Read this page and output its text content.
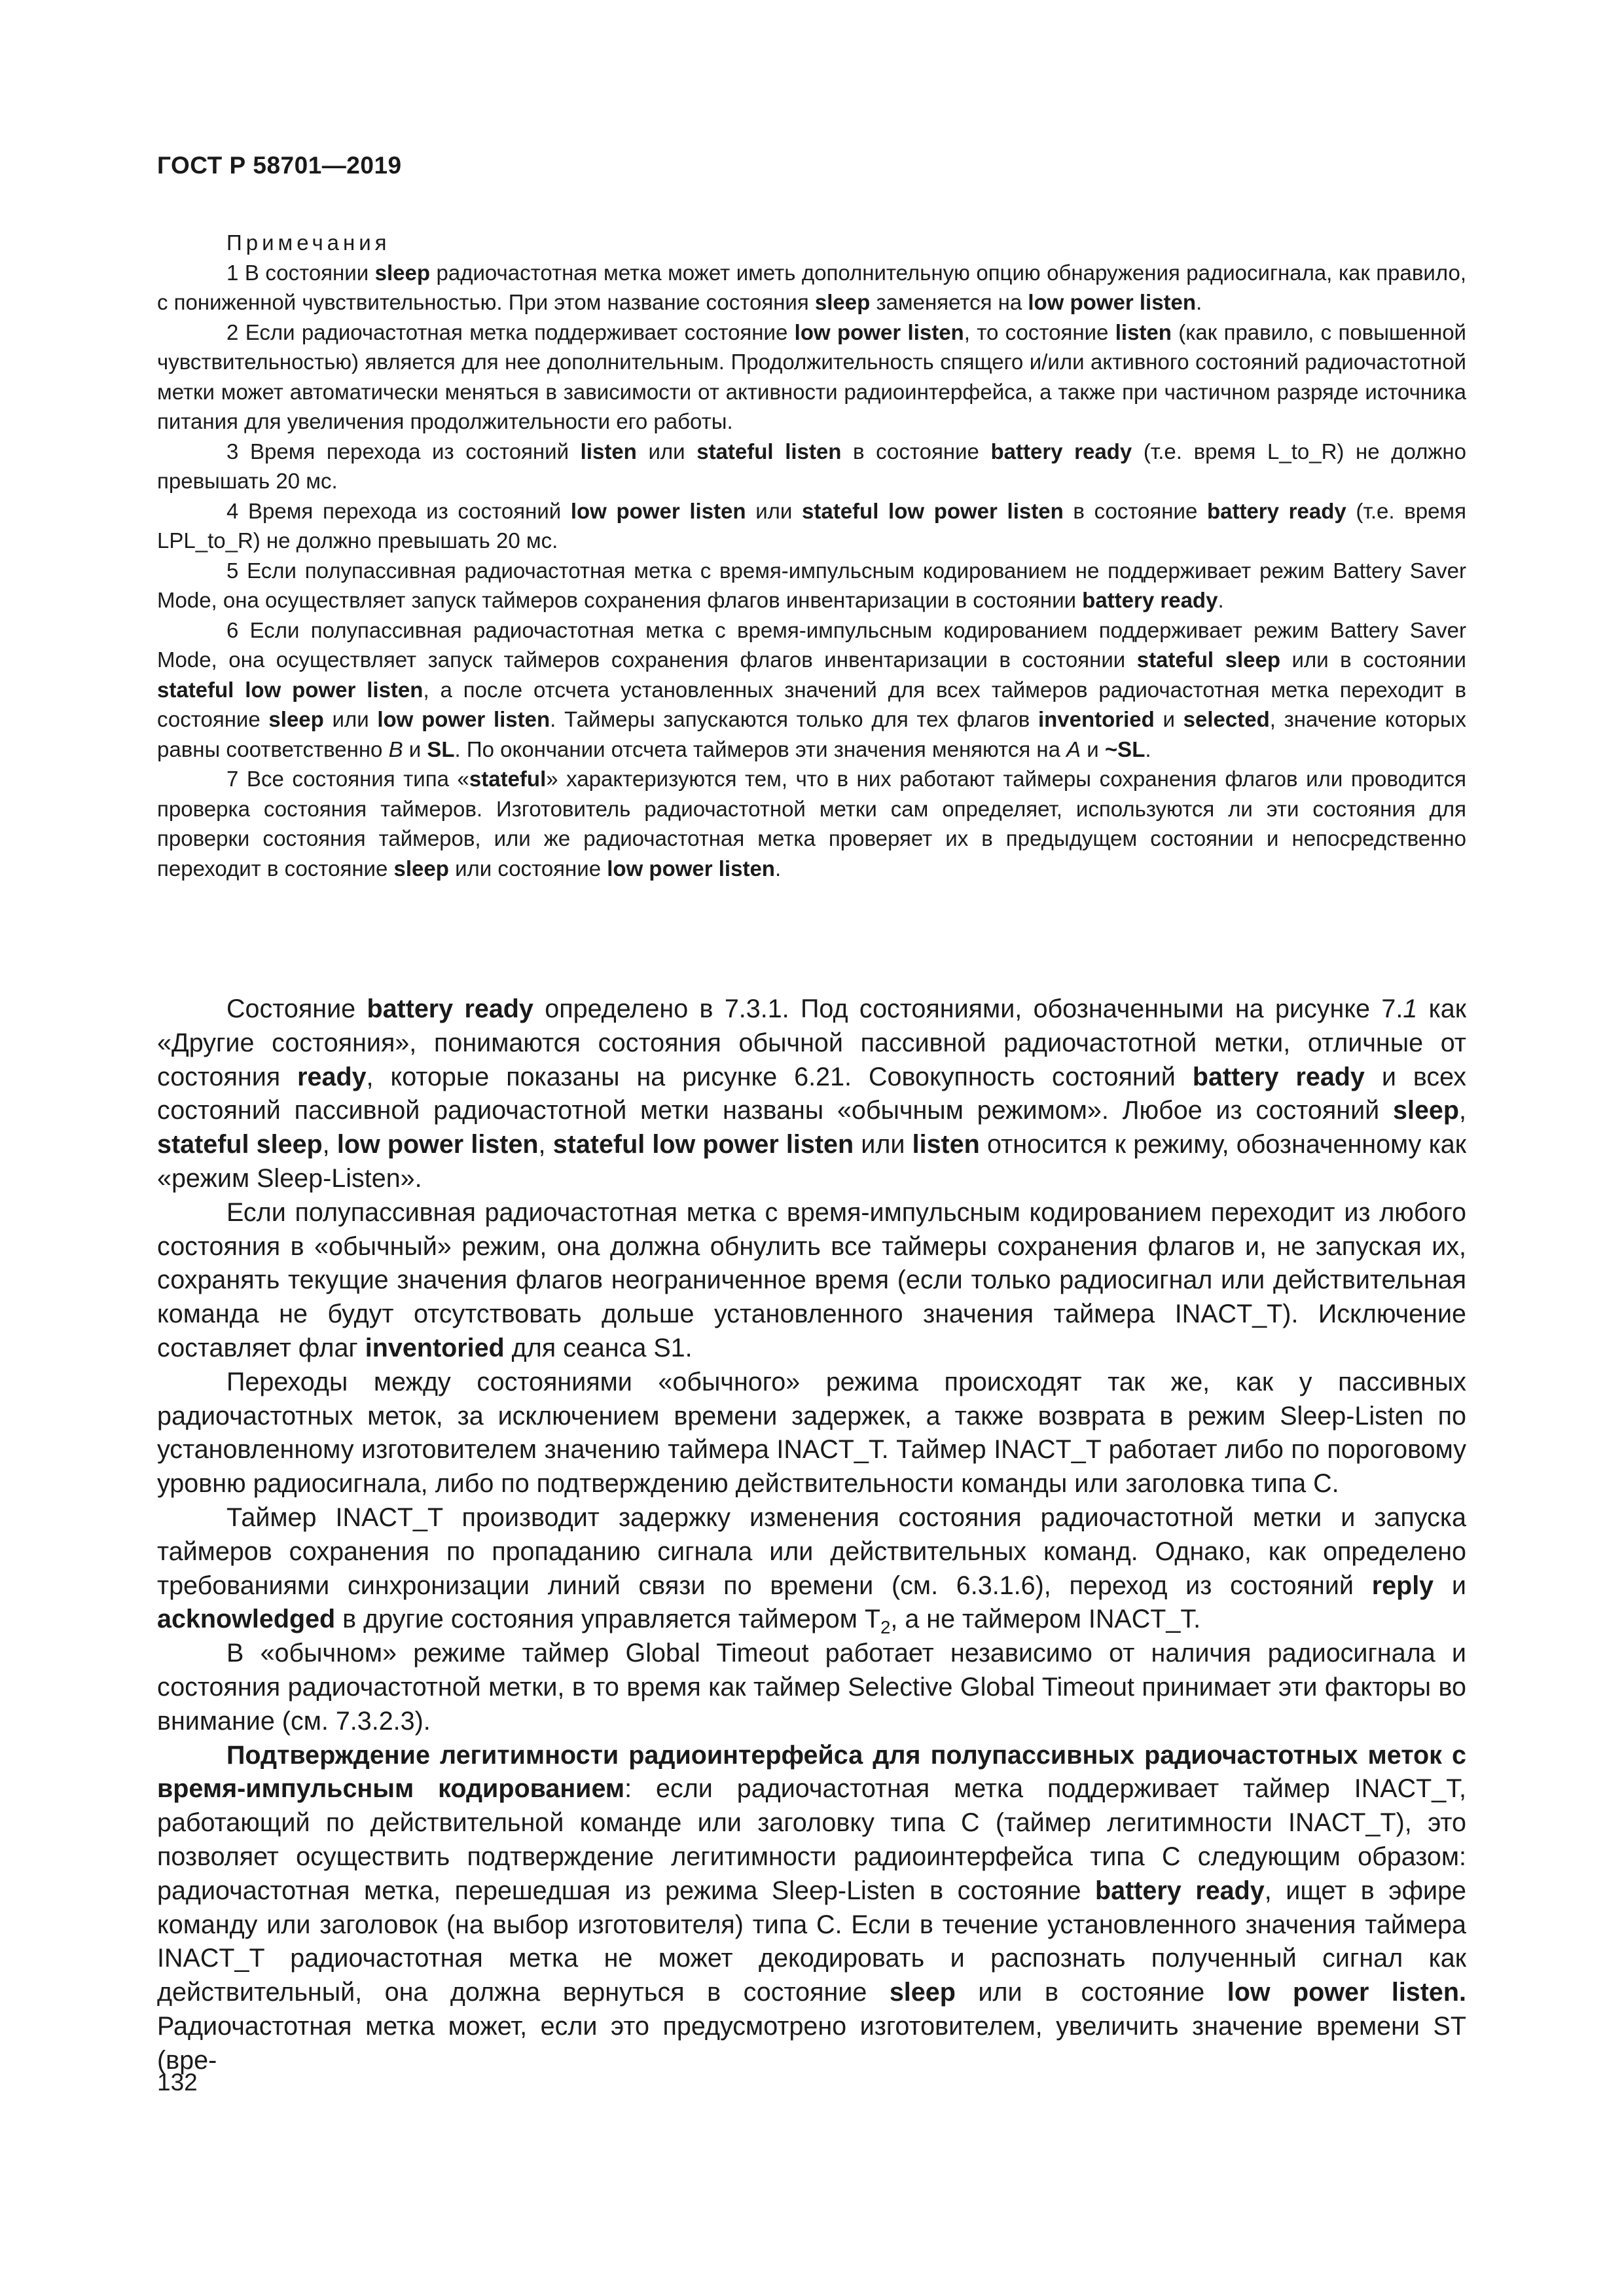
ГОСТ Р 58701—2019

Примечания

1 В состоянии sleep радиочастотная метка может иметь дополнительную опцию обнаружения радиосигнала, как правило, с пониженной чувствительностью. При этом название состояния sleep заменяется на low power listen.

2 Если радиочастотная метка поддерживает состояние low power listen, то состояние listen (как правило, с повышенной чувствительностью) является для нее дополнительным. Продолжительность спящего и/или активного состояний радиочастотной метки может автоматически меняться в зависимости от активности радиоинтерфейса, а также при частичном разряде источника питания для увеличения продолжительности его работы.

3 Время перехода из состояний listen или stateful listen в состояние battery ready (т.е. время L_to_R) не должно превышать 20 мс.

4 Время перехода из состояний low power listen или stateful low power listen в состояние battery ready (т.е. время LPL_to_R) не должно превышать 20 мс.

5 Если полупассивная радиочастотная метка с время-импульсным кодированием не поддерживает режим Battery Saver Mode, она осуществляет запуск таймеров сохранения флагов инвентаризации в состоянии battery ready.

6 Если полупассивная радиочастотная метка с время-импульсным кодированием поддерживает режим Battery Saver Mode, она осуществляет запуск таймеров сохранения флагов инвентаризации в состоянии stateful sleep или в состоянии stateful low power listen, а после отсчета установленных значений для всех таймеров радиочастотная метка переходит в состояние sleep или low power listen. Таймеры запускаются только для тех флагов inventoried и selected, значение которых равны соответственно B и SL. По окончании отсчета таймеров эти значения меняются на A и ~SL.

7 Все состояния типа «stateful» характеризуются тем, что в них работают таймеры сохранения флагов или проводится проверка состояния таймеров. Изготовитель радиочастотной метки сам определяет, используются ли эти состояния для проверки состояния таймеров, или же радиочастотная метка проверяет их в предыдущем состоянии и непосредственно переходит в состояние sleep или состояние low power listen.

Состояние battery ready определено в 7.3.1. Под состояниями, обозначенными на рисунке 7.1 как «Другие состояния», понимаются состояния обычной пассивной радиочастотной метки, отличные от состояния ready, которые показаны на рисунке 6.21. Совокупность состояний battery ready и всех состояний пассивной радиочастотной метки названы «обычным режимом». Любое из состояний sleep, stateful sleep, low power listen, stateful low power listen или listen относится к режиму, обозначенному как «режим Sleep-Listen».

Если полупассивная радиочастотная метка с время-импульсным кодированием переходит из любого состояния в «обычный» режим, она должна обнулить все таймеры сохранения флагов и, не запуская их, сохранять текущие значения флагов неограниченное время (если только радиосигнал или действительная команда не будут отсутствовать дольше установленного значения таймера INACT_T). Исключение составляет флаг inventoried для сеанса S1.

Переходы между состояниями «обычного» режима происходят так же, как у пассивных радиочастотных меток, за исключением времени задержек, а также возврата в режим Sleep-Listen по установленному изготовителем значению таймера INACT_T. Таймер INACT_T работает либо по пороговому уровню радиосигнала, либо по подтверждению действительности команды или заголовка типа С.

Таймер INACT_T производит задержку изменения состояния радиочастотной метки и запуска таймеров сохранения по пропаданию сигнала или действительных команд. Однако, как определено требованиями синхронизации линий связи по времени (см. 6.3.1.6), переход из состояний reply и acknowledged в другие состояния управляется таймером $T_2$, а не таймером INACT_T.

В «обычном» режиме таймер Global Timeout работает независимо от наличия радиосигнала и состояния радиочастотной метки, в то время как таймер Selective Global Timeout принимает эти факторы во внимание (см. 7.3.2.3).

Подтверждение легитимности радиоинтерфейса для полупассивных радиочастотных меток с время-импульсным кодированием: если радиочастотная метка поддерживает таймер INACT_T, работающий по действительной команде или заголовку типа С (таймер легитимности INACT_T), это позволяет осуществить подтверждение легитимности радиоинтерфейса типа С следующим образом: радиочастотная метка, перешедшая из режима Sleep-Listen в состояние battery ready, ищет в эфире команду или заголовок (на выбор изготовителя) типа С. Если в течение установленного значения таймера INACT_T радиочастотная метка не может декодировать и распознать полученный сигнал как действительный, она должна вернуться в состояние sleep или в состояние low power listen. Радиочастотная метка может, если это предусмотрено изготовителем, увеличить значение времени ST (вре-

132
